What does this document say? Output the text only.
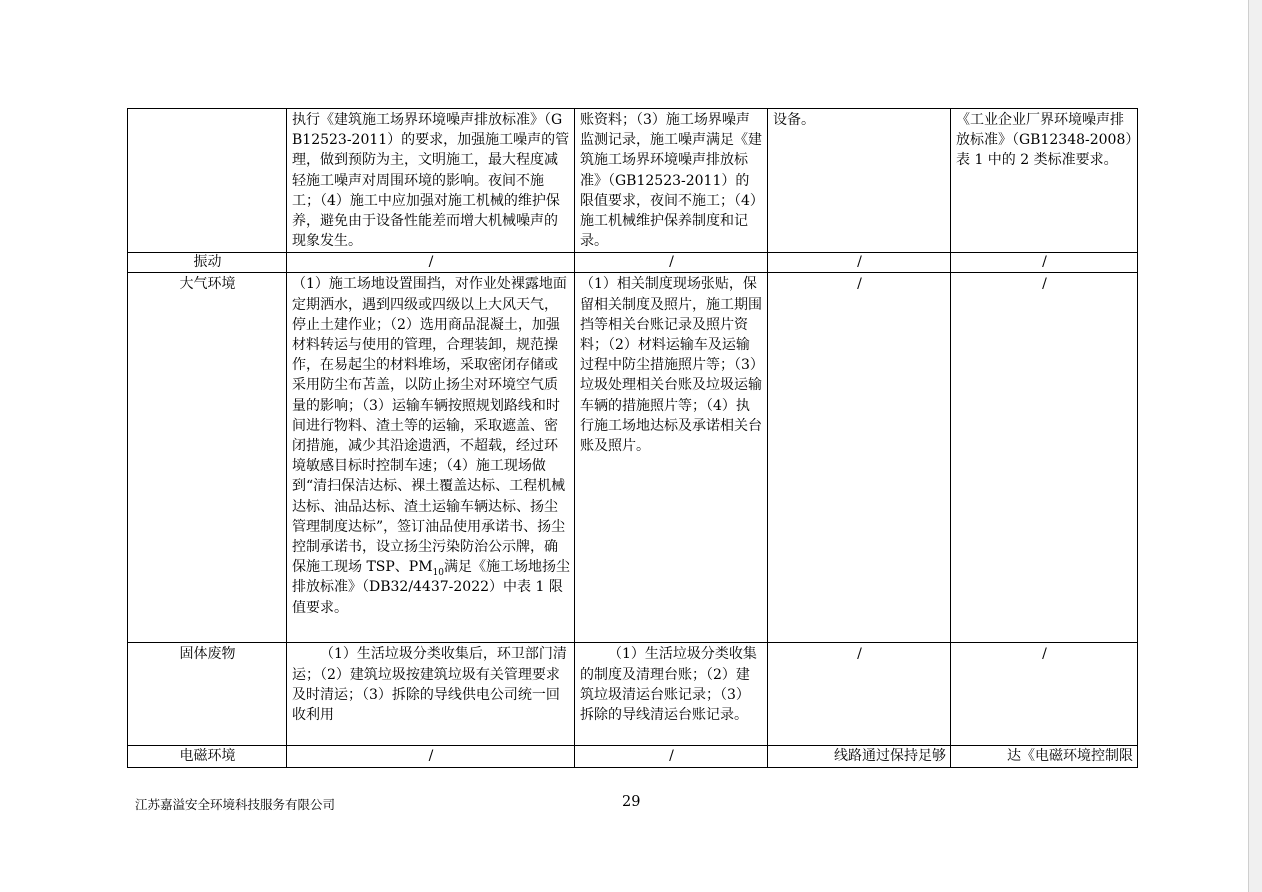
	执行《建筑施工场界环境噪声排放标准》（GB12523-2011）的要求，加强施工噪声的管理，做到预防为主，文明施工，最大程度减轻施工噪声对周围环境的影响。夜间不施工；（4）施工中应加强对施工机械的维护保养，避免由于设备性能差而增大机械噪声的现象发生。	账资料；（3）施工场界噪声监测记录，施工噪声满足《建筑施工场界环境噪声排放标准》（GB12523-2011）的限值要求，夜间不施工；（4）施工机械维护保养制度和记录。	设备。	《工业企业厂界环境噪声排放标准》（GB12348-2008）表 1 中的 2 类标准要求。
振动	/	/	/	/
大气环境	（1）施工场地设置围挡，对作业处裸露地面定期洒水，遇到四级或四级以上大风天气，停止土建作业；（2）选用商品混凝土，加强材料转运与使用的管理，合理装卸，规范操作，在易起尘的材料堆场，采取密闭存储或采用防尘布苫盖，以防止扬尘对环境空气质量的影响；（3）运输车辆按照规划路线和时间进行物料、渣土等的运输，采取遮盖、密闭措施，减少其沿途遗洒，不超载，经过环境敏感目标时控制车速；（4）施工现场做到“清扫保洁达标、裸土覆盖达标、工程机械达标、油品达标、渣土运输车辆达标、扬尘管理制度达标”，签订油品使用承诺书、扬尘控制承诺书，设立扬尘污染防治公示牌，确保施工现场 TSP、$PM_{10}$满足《施工场地扬尘排放标准》（DB32/4437-2022）中表 1 限值要求。	（1）相关制度现场张贴，保留相关制度及照片，施工期围挡等相关台账记录及照片资料；（2）材料运输车及运输过程中防尘措施照片等；（3）垃圾处理相关台账及垃圾运输车辆的措施照片等；（4）执行施工场地达标及承诺相关台账及照片。	/	/
固体废物	（1）生活垃圾分类收集后，环卫部门清运；（2）建筑垃圾按建筑垃圾有关管理要求及时清运；（3）拆除的导线供电公司统一回收利用	（1）生活垃圾分类收集的制度及清理台账；（2）建筑垃圾清运台账记录；（3）拆除的导线清运台账记录。	/	/
电磁环境	/	/	线路通过保持足够	达《电磁环境控制限
江苏嘉溢安全环境科技服务有限公司	29
